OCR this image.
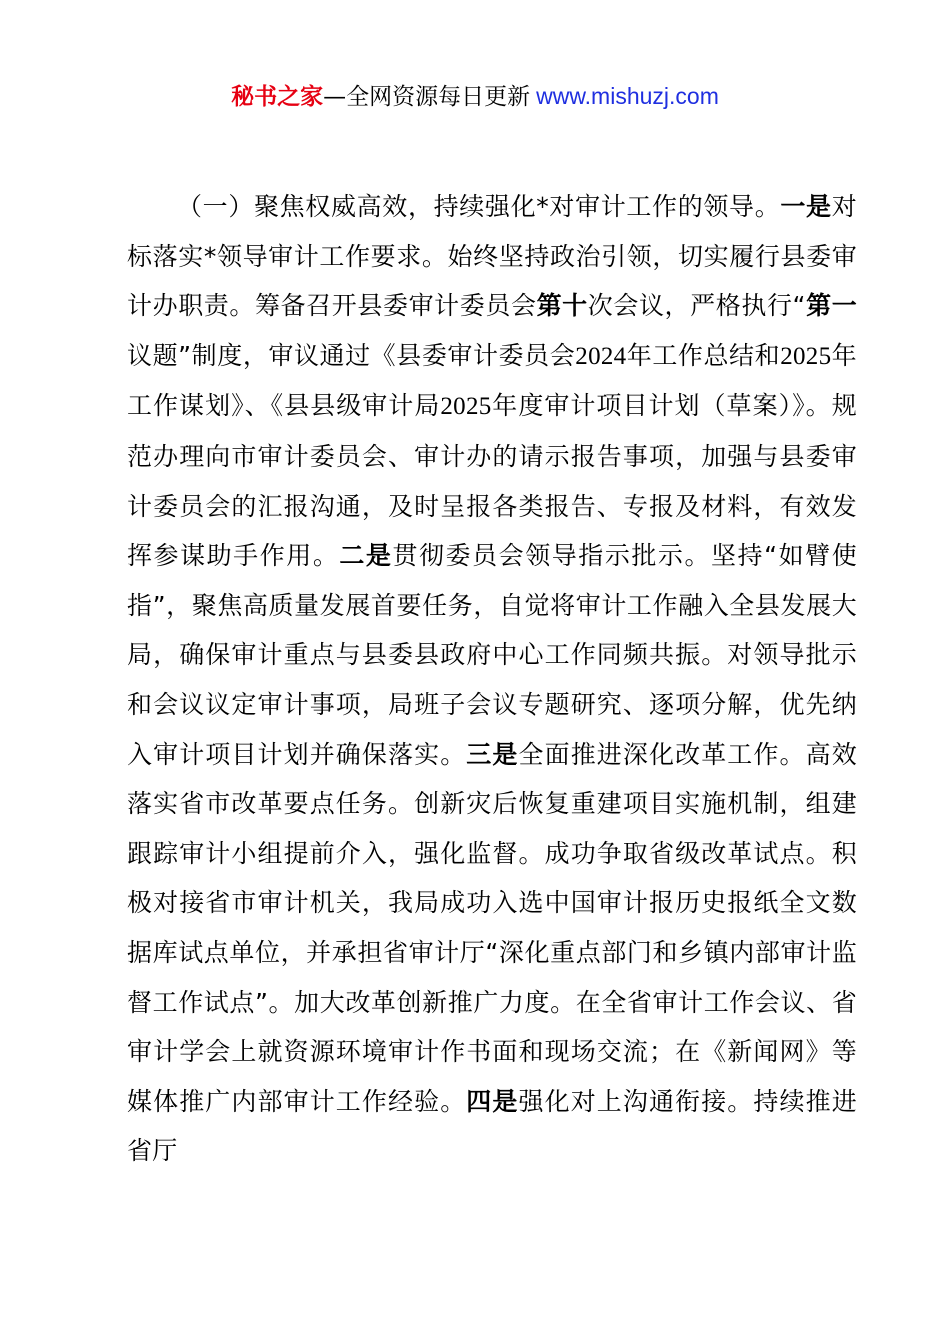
秘书之家—全网资源每日更新 www.mishuzj.com

（一）聚焦权威高效，持续强化*对审计工作的领导。一是对标落实*领导审计工作要求。始终坚持政治引领，切实履行县委审计办职责。筹备召开县委审计委员会第十次会议，严格执行“第一议题”制度，审议通过《县委审计委员会2024年工作总结和2025年工作谋划》、《县县级审计局2025年度审计项目计划（草案）》。规范办理向市审计委员会、审计办的请示报告事项，加强与县委审计委员会的汇报沟通，及时呈报各类报告、专报及材料，有效发挥参谋助手作用。二是贯彻委员会领导指示批示。坚持“如臂使指”，聚焦高质量发展首要任务，自觉将审计工作融入全县发展大局，确保审计重点与县委县政府中心工作同频共振。对领导批示和会议议定审计事项，局班子会议专题研究、逐项分解，优先纳入审计项目计划并确保落实。三是全面推进深化改革工作。高效落实省市改革要点任务。创新灾后恢复重建项目实施机制，组建跟踪审计小组提前介入，强化监督。成功争取省级改革试点。积极对接省市审计机关，我局成功入选中国审计报历史报纸全文数据库试点单位，并承担省审计厅“深化重点部门和乡镇内部审计监督工作试点”。加大改革创新推广力度。在全省审计工作会议、省审计学会上就资源环境审计作书面和现场交流；在《新闻网》等媒体推广内部审计工作经验。四是强化对上沟通衔接。持续推进省厅
